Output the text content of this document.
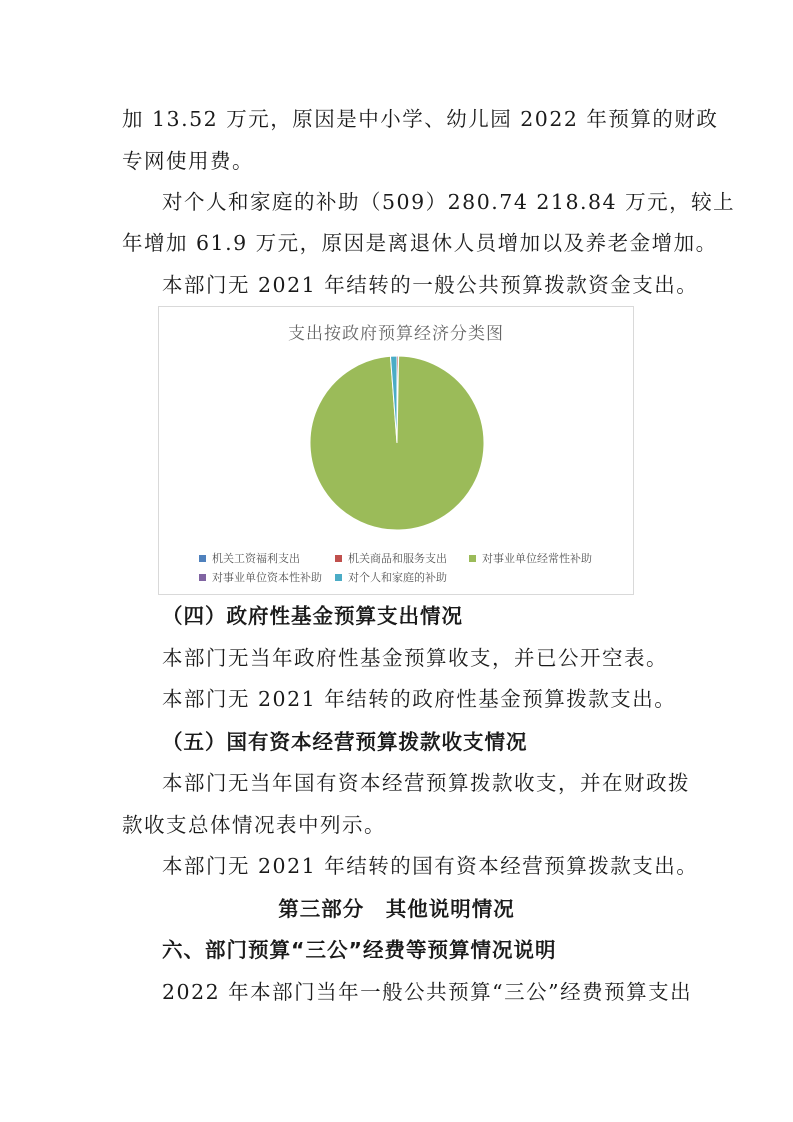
加 13.52 万元，原因是中小学、幼儿园 2022 年预算的财政

专网使用费。

对个人和家庭的补助（509）280.74 218.84 万元，较上

年增加 61.9 万元，原因是离退休人员增加以及养老金增加。

本部门无 2021 年结转的一般公共预算拨款资金支出。

支出按政府预算经济分类图
机关工资福利支出	机关商品和服务支出	对事业单位经常性补助
对事业单位资本性补助 对个人和家庭的补助

（四）政府性基金预算支出情况

本部门无当年政府性基金预算收支，并已公开空表。

本部门无 2021 年结转的政府性基金预算拨款支出。

（五）国有资本经营预算拨款收支情况

本部门无当年国有资本经营预算拨款收支，并在财政拨

款收支总体情况表中列示。

本部门无 2021 年结转的国有资本经营预算拨款支出。

第三部分　其他说明情况

六、部门预算“三公”经费等预算情况说明

2022 年本部门当年一般公共预算“三公”经费预算支出
